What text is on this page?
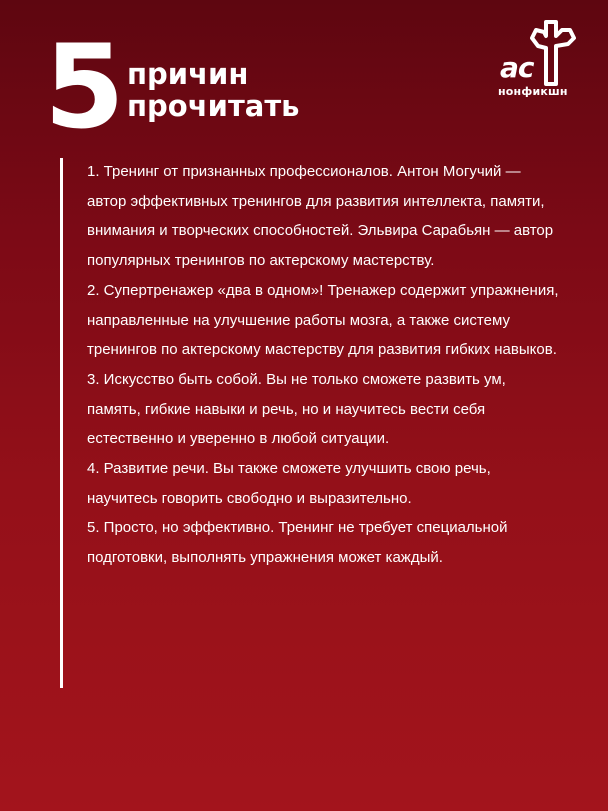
5 причин
прочитать
ас
нонфикшн

1. Тренинг от признанных профессионалов. Антон Могучий — автор эффективных тренингов для развития интеллекта, памяти, внимания и творческих способностей. Эльвира Сарабьян — автор популярных тренингов по актерскому мастерству.

2. Супертренажер «два в одном»! Тренажер содержит упражнения, направленные на улучшение работы мозга, а также систему тренингов по актерскому мастерству для развития гибких навыков.

3. Искусство быть собой. Вы не только сможете развить ум, память, гибкие навыки и речь, но и научитесь вести себя естественно и уверенно в любой ситуации.

4. Развитие речи. Вы также сможете улучшить свою речь, научитесь говорить свободно и выразительно.

5. Просто, но эффективно. Тренинг не требует специальной подготовки, выполнять упражнения может каждый.
